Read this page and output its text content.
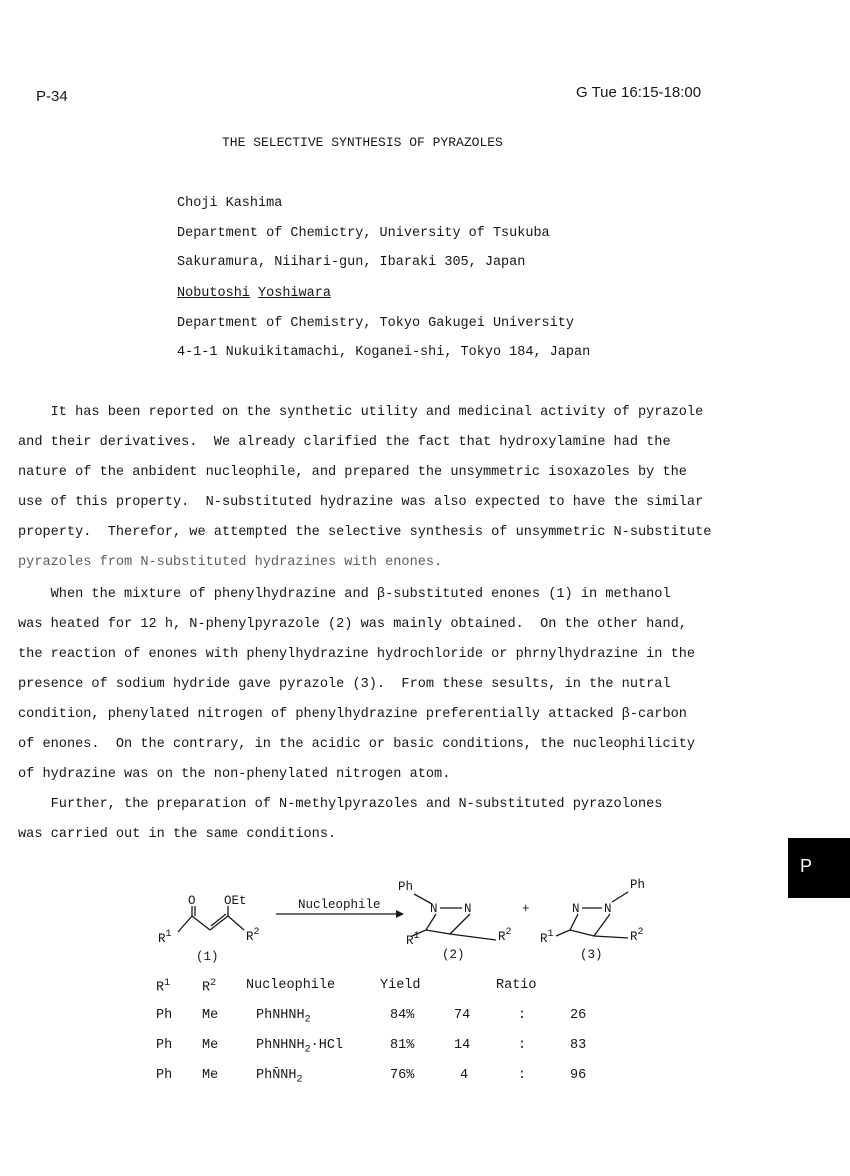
P-34	G Tue 16:15-18:00
THE SELECTIVE SYNTHESIS OF PYRAZOLES
Choji Kashima
Department of Chemictry, University of Tsukuba
Sakuramura, Niihari-gun, Ibaraki 305, Japan
Nobutoshi Yoshiwara
Department of Chemistry, Tokyo Gakugei University
4-1-1 Nukuikitamachi, Koganei-shi, Tokyo 184, Japan
It has been reported on the synthetic utility and medicinal activity of pyrazole
and their derivatives.  We already clarified the fact that hydroxylamine had the
nature of the anbident nucleophile, and prepared the unsymmetric isoxazoles by the
use of this property.  N-substituted hydrazine was also expected to have the similar
property.  Therefor, we attempted the selective synthesis of unsymmetric N-substitute
pyrazoles from N-substituted hydrazines with enones.
When the mixture of phenylhydrazine and β-substituted enones (1) in methanol
was heated for 12 h, N-phenylpyrazole (2) was mainly obtained.  On the other hand,
the reaction of enones with phenylhydrazine hydrochloride or phrnylhydrazine in the
presence of sodium hydride gave pyrazole (3).  From these sesults, in the nutral
condition, phenylated nitrogen of phenylhydrazine preferentially attacked β-carbon
of enones.  On the contrary, in the acidic or basic conditions, the nucleophilicity
of hydrazine was on the non-phenylated nitrogen atom.
Further, the preparation of N-methylpyrazoles and N-substituted pyrazolones
was carried out in the same conditions.
P
O OEt
$R^1$	$R^2$
(1)
Nucleophile
Ph
N N
$R^1$	$R^2$
(2)
+
Ph
N N
$R^1$	$R^2$
(3)
$R^1$ $R^2$ Nucleophile	Yield	Ratio
Ph Me	PhNHNH$_2$	84%	74	:	26
Ph Me	PhNHNH$_2$·HCl	81%	14	:	83
Ph Me	$PhN̄NH_2$	76%	4	:	96
